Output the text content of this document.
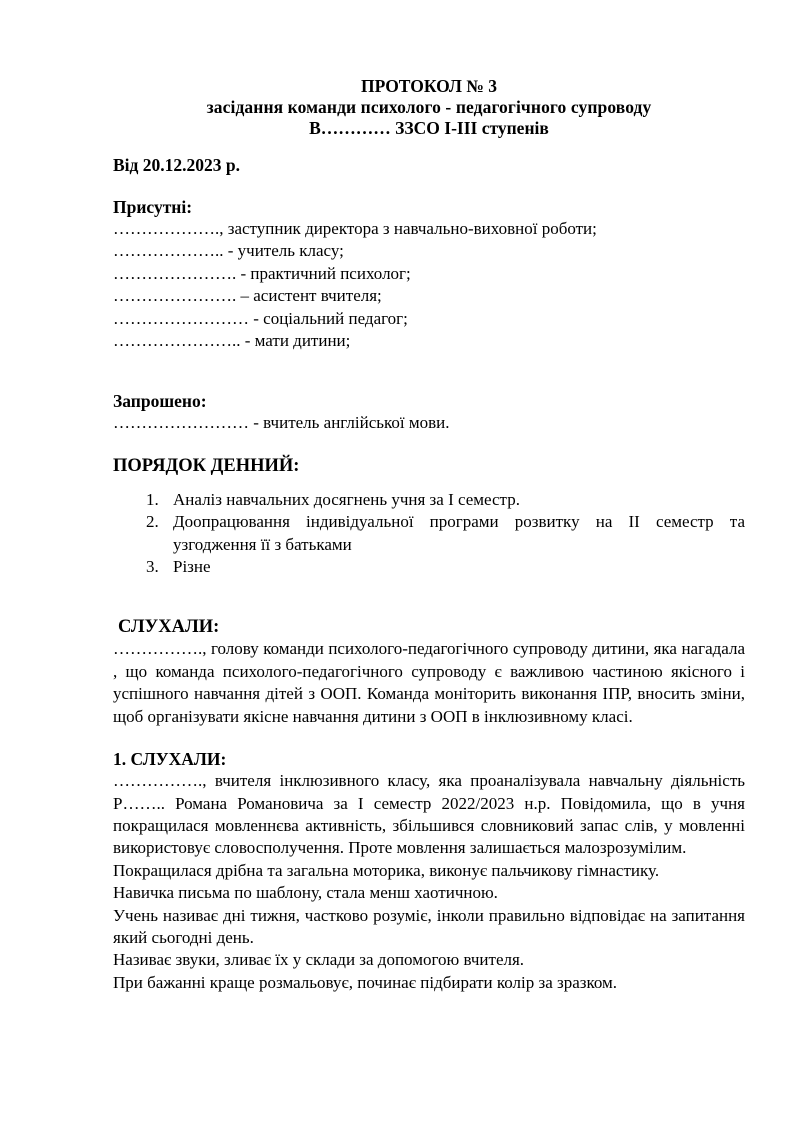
ПРОТОКОЛ № 3
засідання команди психолого - педагогічного супроводу
В………… ЗЗСО І-ІІІ ступенів
Від 20.12.2023 р.
Присутні:
………………., заступник директора з навчально-виховної роботи;
……………….. - учитель класу;
…………………. - практичний психолог;
…………………. – асистент вчителя;
…………………… - соціальний педагог;
………………….. - мати дитини;
Запрошено:
…………………… - вчитель англійської мови.
ПОРЯДОК ДЕННИЙ:
1. Аналіз навчальних досягнень учня за І семестр.
2. Доопрацювання індивідуальної програми розвитку на ІІ семестр та узгодження її з батьками
3. Різне
СЛУХАЛИ:
……………., голову команди психолого-педагогічного супроводу дитини, яка нагадала , що команда психолого-педагогічного супроводу є важливою частиною якісного і успішного навчання дітей з ООП. Команда моніторить виконання ІПР, вносить зміни, щоб організувати якісне навчання дитини з ООП в інклюзивному класі.
1. СЛУХАЛИ:
……………., вчителя інклюзивного класу, яка проаналізувала навчальну діяльність Р…….. Романа Романовича за І семестр 2022/2023 н.р. Повідомила, що в учня покращилася мовленнєва активність, збільшився словниковий запас слів, у мовленні використовує словосполучення. Проте мовлення залишається малозрозумілим.
Покращилася дрібна та загальна моторика, виконує пальчикову гімнастику.
Навичка письма по шаблону, стала менш хаотичною.
Учень називає дні тижня, частково розуміє, інколи правильно відповідає на запитання який сьогодні день.
Називає звуки, зливає їх у склади за допомогою вчителя.
При бажанні краще розмальовує, починає підбирати колір за зразком.
